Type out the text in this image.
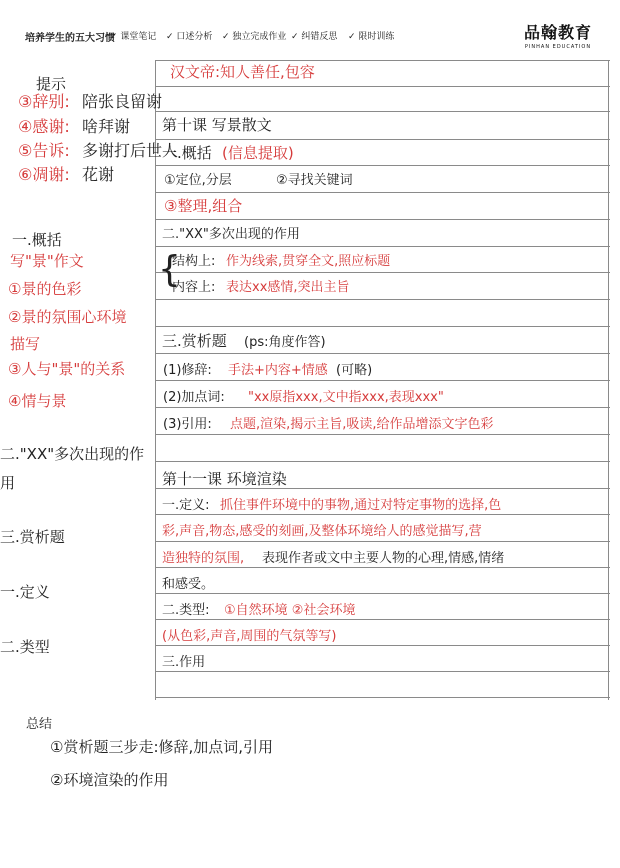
培养学生的五大习惯
✓ 课堂笔记 ✓ 口述分析 ✓ 独立完成作业 ✓ 纠错反思 ✓ 限时训练	品翰教育
PINHAN EDUCATION
提示
③辞别: 陪张良留谢
④感谢: 啥拜谢
⑤告诉: 多谢打后世人
⑥凋谢: 花谢
一.概括
写"景"作文
①景的色彩
②景的氛围心环境
描写
③人与"景"的关系
④情与景
二."XX"多次出现的作
用
三.赏析题
一.定义
二.类型
汉文帝:知人善任,包容
第十课 写景散文
一.概括 (信息提取)
①定位,分层	②寻找关键词
③整理,组合
二."XX"多次出现的作用
{
结构上: 作为线索,贯穿全文,照应标题
内容上: 表达xx感情,突出主旨
三.赏析题 (ps:角度作答)
(1)修辞: 手法+内容+情感 (可略)
(2)加点词: "xx原指xxx,文中指xxx,表现xxx"
(3)引用: 点题,渲染,揭示主旨,吸读,给作品增添文字色彩
第十一课 环境渲染
一.定义: 抓住事件环境中的事物,通过对特定事物的选择,色
彩,声音,物态,感受的刻画,及整体环境给人的感觉描写,营
造独特的氛围, 表现作者或文中主要人物的心理,情感,情绪
和感受。
二.类型: ①自然环境 ②社会环境
(从色彩,声音,周围的气氛等写)
三.作用
总结
①赏析题三步走:修辞,加点词,引用
②环境渲染的作用
